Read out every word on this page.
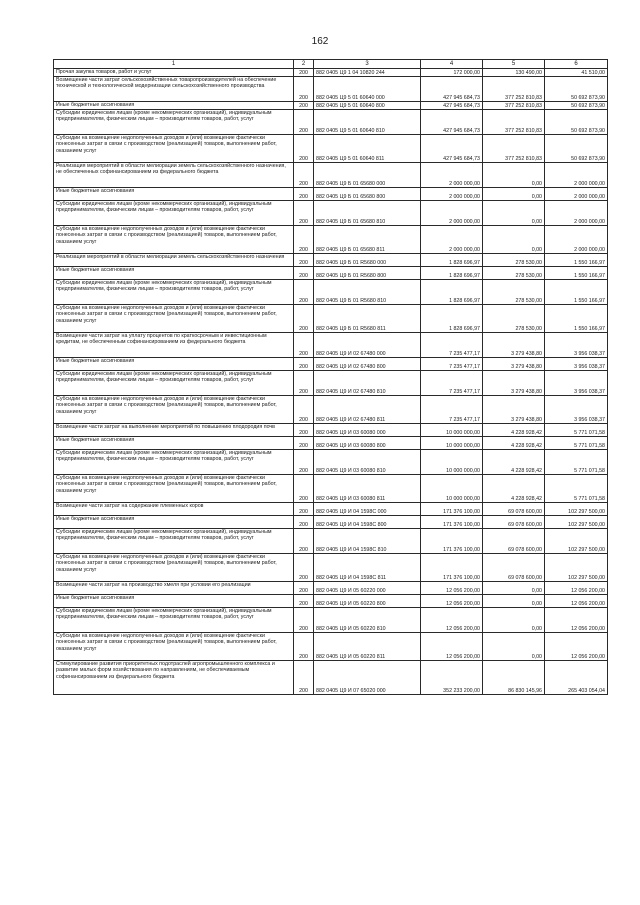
162
1	2	3	4	5	6
Прочая закупка товаров, работ и услуг	200	882 0405 Ц9 1 04 10820 244	172 000,00	130 490,00	41 510,00
Возмещение части затрат сельскохозяйственных товаропроизводителей на обеспечение технической и технологической модернизации сельскохозяйственного производства	200	882 0405 Ц9 5 01 60640 000	427 945 684,73	377 252 810,83	50 692 873,90
Иные бюджетные ассигнования	200	882 0405 Ц9 5 01 60640 800	427 945 684,73	377 252 810,83	50 692 873,90
Субсидии юридическим лицам (кроме некоммерческих организаций), индивидуальным предпринимателям, физическим лицам – производителям товаров, работ, услуг	200	882 0405 Ц9 5 01 60640 810	427 945 684,73	377 252 810,83	50 692 873,90
Субсидии на возмещение недополученных доходов и (или) возмещение фактически понесенных затрат в связи с производством (реализацией) товаров, выполнением работ, оказанием услуг	200	882 0405 Ц9 5 01 60640 811	427 945 684,73	377 252 810,83	50 692 873,90
Реализация мероприятий в области мелиорации земель сельскохозяйственного назначения, не обеспеченных софинансированием из федерального бюджета	200	882 0405 Ц9 Б 01 65680 000	2 000 000,00	0,00	2 000 000,00
Иные бюджетные ассигнования	200	882 0405 Ц9 Б 01 65680 800	2 000 000,00	0,00	2 000 000,00
Субсидии юридическим лицам (кроме некоммерческих организаций), индивидуальным предпринимателям, физическим лицам – производителям товаров, работ, услуг	200	882 0405 Ц9 Б 01 65680 810	2 000 000,00	0,00	2 000 000,00
Субсидии на возмещение недополученных доходов и (или) возмещение фактически понесенных затрат в связи с производством (реализацией) товаров, выполнением работ, оказанием услуг	200	882 0405 Ц9 Б 01 65680 811	2 000 000,00	0,00	2 000 000,00
Реализация мероприятий в области мелиорации земель сельскохозяйственного назначения	200	882 0405 Ц9 Б 01 R5680 000	1 828 696,97	278 530,00	1 550 166,97
Иные бюджетные ассигнования	200	882 0405 Ц9 Б 01 R5680 800	1 828 696,97	278 530,00	1 550 166,97
Субсидии юридическим лицам (кроме некоммерческих организаций), индивидуальным предпринимателям, физическим лицам – производителям товаров, работ, услуг	200	882 0405 Ц9 Б 01 R5680 810	1 828 696,97	278 530,00	1 550 166,97
Субсидии на возмещение недополученных доходов и (или) возмещение фактически понесенных затрат в связи с производством (реализацией) товаров, выполнением работ, оказанием услуг	200	882 0405 Ц9 Б 01 R5680 811	1 828 696,97	278 530,00	1 550 166,97
Возмещение части затрат на уплату процентов по краткосрочным и инвестиционным кредитам, не обеспеченным софинансированием из федерального бюджета	200	882 0405 Ц9 И 02 67480 000	7 235 477,17	3 279 438,80	3 956 038,37
Иные бюджетные ассигнования	200	882 0405 Ц9 И 02 67480 800	7 235 477,17	3 279 438,80	3 956 038,37
Субсидии юридическим лицам (кроме некоммерческих организаций), индивидуальным предпринимателям, физическим лицам – производителям товаров, работ, услуг	200	882 0405 Ц9 И 02 67480 810	7 235 477,17	3 279 438,80	3 956 038,37
Субсидии на возмещение недополученных доходов и (или) возмещение фактически понесенных затрат в связи с производством (реализацией) товаров, выполнением работ, оказанием услуг	200	882 0405 Ц9 И 02 67480 811	7 235 477,17	3 279 438,80	3 956 038,37
Возмещение части затрат на выполнение мероприятий по повышению плодородия почв	200	882 0405 Ц9 И 03 60080 000	10 000 000,00	4 228 928,42	5 771 071,58
Иные бюджетные ассигнования	200	882 0405 Ц9 И 03 60080 800	10 000 000,00	4 228 928,42	5 771 071,58
Субсидии юридическим лицам (кроме некоммерческих организаций), индивидуальным предпринимателям, физическим лицам – производителям товаров, работ, услуг	200	882 0405 Ц9 И 03 60080 810	10 000 000,00	4 228 928,42	5 771 071,58
Субсидии на возмещение недополученных доходов и (или) возмещение фактически понесенных затрат в связи с производством (реализацией) товаров, выполнением работ, оказанием услуг	200	882 0405 Ц9 И 03 60080 811	10 000 000,00	4 228 928,42	5 771 071,58
Возмещение части затрат на содержание племенных коров	200	882 0405 Ц9 И 04 1598C 000	171 376 100,00	69 078 600,00	102 297 500,00
Иные бюджетные ассигнования	200	882 0405 Ц9 И 04 1598C 800	171 376 100,00	69 078 600,00	102 297 500,00
Субсидии юридическим лицам (кроме некоммерческих организаций), индивидуальным предпринимателям, физическим лицам – производителям товаров, работ, услуг	200	882 0405 Ц9 И 04 1598C 810	171 376 100,00	69 078 600,00	102 297 500,00
Субсидии на возмещение недополученных доходов и (или) возмещение фактически понесенных затрат в связи с производством (реализацией) товаров, выполнением работ, оказанием услуг	200	882 0405 Ц9 И 04 1598C 811	171 376 100,00	69 078 600,00	102 297 500,00
Возмещение части затрат на производство хмеля при условии его реализации	200	882 0405 Ц9 И 05 60220 000	12 056 200,00	0,00	12 056 200,00
Иные бюджетные ассигнования	200	882 0405 Ц9 И 05 60220 800	12 056 200,00	0,00	12 056 200,00
Субсидии юридическим лицам (кроме некоммерческих организаций), индивидуальным предпринимателям, физическим лицам – производителям товаров, работ, услуг	200	882 0405 Ц9 И 05 60220 810	12 056 200,00	0,00	12 056 200,00
Субсидии на возмещение недополученных доходов и (или) возмещение фактически понесенных затрат в связи с производством (реализацией) товаров, выполнением работ, оказанием услуг	200	882 0405 Ц9 И 05 60220 811	12 056 200,00	0,00	12 056 200,00
Стимулирование развития приоритетных подотраслей агропромышленного комплекса и развитие малых форм хозяйствования по направлениям, не обеспечиваемым софинансированием из федерального бюджета	200	882 0405 Ц9 И 07 65020 000	352 233 200,00	86 830 145,96	265 403 054,04
